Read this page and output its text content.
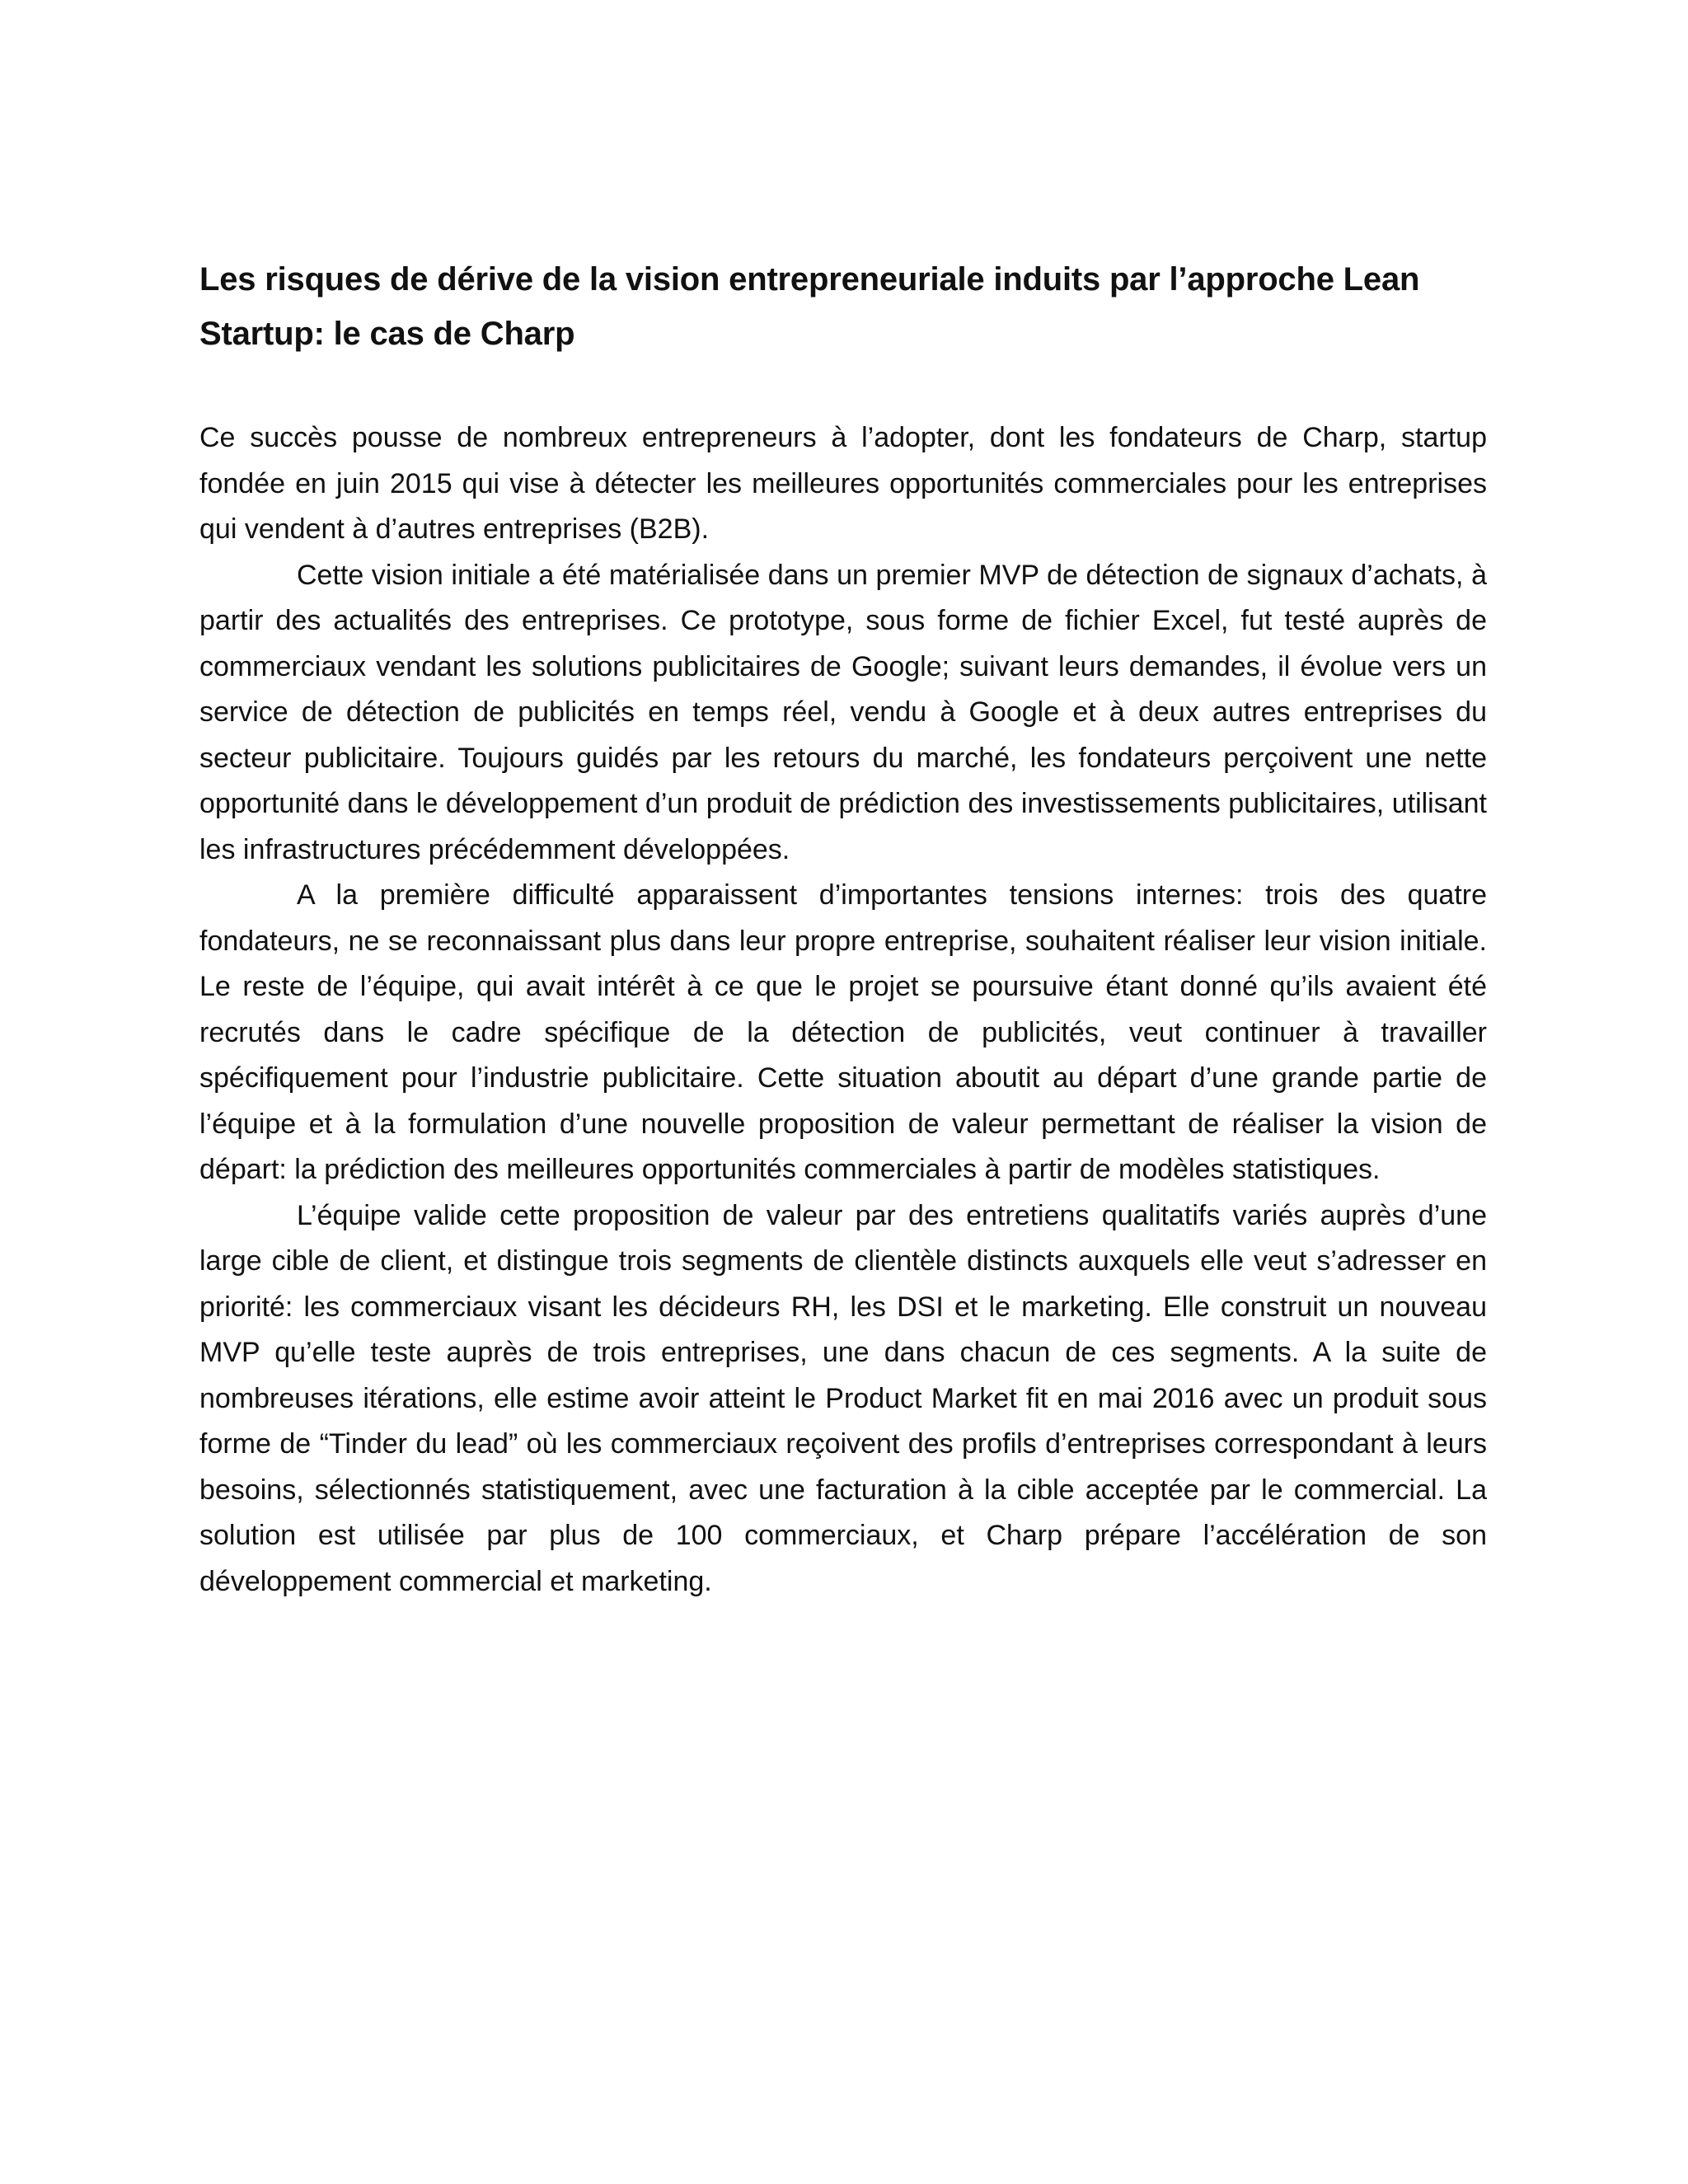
Les risques de dérive de la vision entrepreneuriale induits par l’approche Lean Startup: le cas de Charp

Ce succès pousse de nombreux entrepreneurs à l’adopter, dont les fondateurs de Charp, startup fondée en juin 2015 qui vise à détecter les meilleures opportunités commerciales pour les entreprises qui vendent à d’autres entreprises (B2B).

Cette vision initiale a été matérialisée dans un premier MVP de détection de signaux d’achats, à partir des actualités des entreprises. Ce prototype, sous forme de fichier Excel, fut testé auprès de commerciaux vendant les solutions publicitaires de Google; suivant leurs demandes, il évolue vers un service de détection de publicités en temps réel, vendu à Google et à deux autres entreprises du secteur publicitaire. Toujours guidés par les retours du marché, les fondateurs perçoivent une nette opportunité dans le développement d’un produit de prédiction des investissements publicitaires, utilisant les infrastructures précédemment développées.

A la première difficulté apparaissent d’importantes tensions internes: trois des quatre fondateurs, ne se reconnaissant plus dans leur propre entreprise, souhaitent réaliser leur vision initiale. Le reste de l’équipe, qui avait intérêt à ce que le projet se poursuive étant donné qu’ils avaient été recrutés dans le cadre spécifique de la détection de publicités, veut continuer à travailler spécifiquement pour l’industrie publicitaire. Cette situation aboutit au départ d’une grande partie de l’équipe et à la formulation d’une nouvelle proposition de valeur permettant de réaliser la vision de départ: la prédiction des meilleures opportunités commerciales à partir de modèles statistiques.

L’équipe valide cette proposition de valeur par des entretiens qualitatifs variés auprès d’une large cible de client, et distingue trois segments de clientèle distincts auxquels elle veut s’adresser en priorité: les commerciaux visant les décideurs RH, les DSI et le marketing. Elle construit un nouveau MVP qu’elle teste auprès de trois entreprises, une dans chacun de ces segments. A la suite de nombreuses itérations, elle estime avoir atteint le Product Market fit en mai 2016 avec un produit sous forme de “Tinder du lead” où les commerciaux reçoivent des profils d’entreprises correspondant à leurs besoins, sélectionnés statistiquement, avec une facturation à la cible acceptée par le commercial. La solution est utilisée par plus de 100 commerciaux, et Charp prépare l’accélération de son développement commercial et marketing.
